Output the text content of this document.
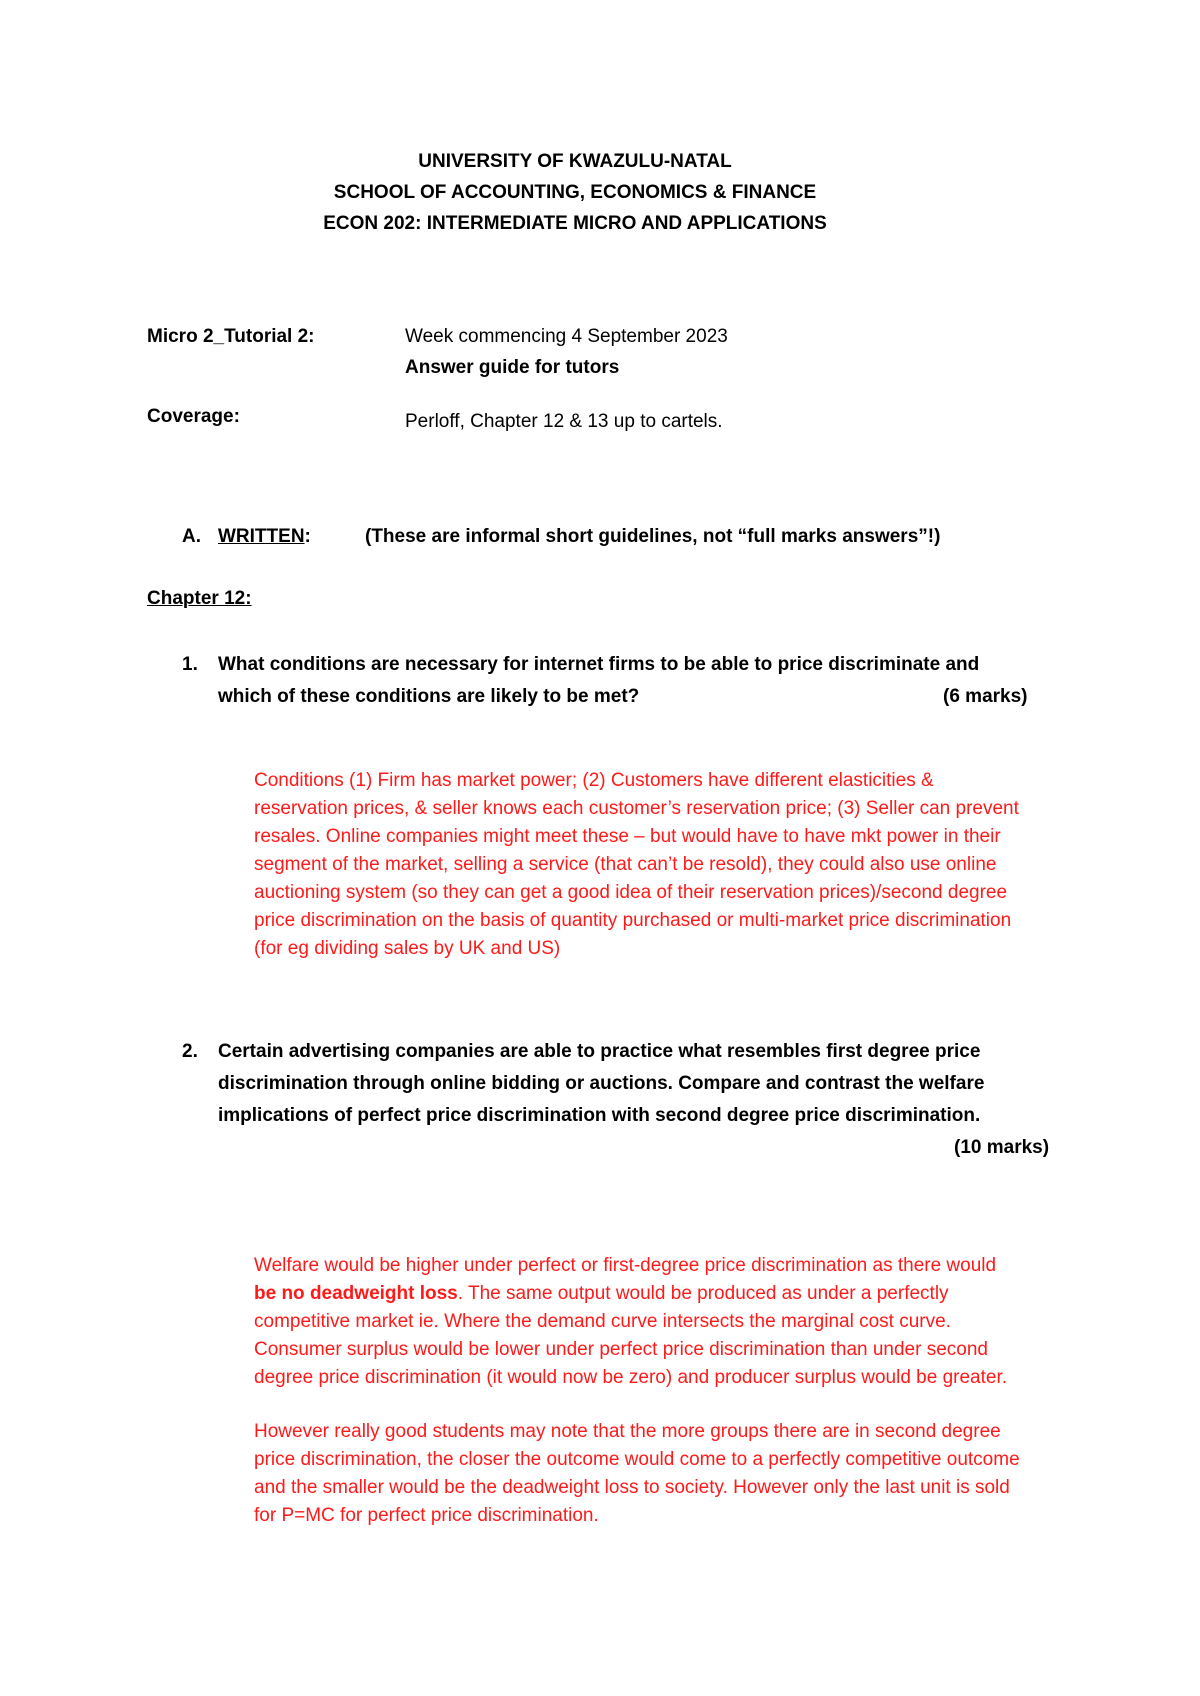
UNIVERSITY OF KWAZULU-NATAL
SCHOOL OF ACCOUNTING, ECONOMICS & FINANCE
ECON 202: INTERMEDIATE MICRO AND APPLICATIONS
Micro 2_Tutorial 2:	Week commencing 4 September 2023
Answer guide for tutors
Coverage:	Perloff, Chapter 12 & 13 up to cartels.
A. WRITTEN:	(These are informal short guidelines, not “full marks answers”!)
Chapter 12:
1.	What conditions are necessary for internet firms to be able to price discriminate and
which of these conditions are likely to be met?	(6 marks)
Conditions (1) Firm has market power; (2) Customers have different elasticities &
reservation prices, & seller knows each customer’s reservation price; (3) Seller can prevent
resales. Online companies might meet these – but would have to have mkt power in their
segment of the market, selling a service (that can’t be resold), they could also use online
auctioning system (so they can get a good idea of their reservation prices)/second degree
price discrimination on the basis of quantity purchased or multi-market price discrimination
(for eg dividing sales by UK and US)
2.	Certain advertising companies are able to practice what resembles first degree price
discrimination through online bidding or auctions. Compare and contrast the welfare
implications of perfect price discrimination with second degree price discrimination.
(10 marks)
Welfare would be higher under perfect or first-degree price discrimination as there would
be no deadweight loss. The same output would be produced as under a perfectly
competitive market ie. Where the demand curve intersects the marginal cost curve.
Consumer surplus would be lower under perfect price discrimination than under second
degree price discrimination (it would now be zero) and producer surplus would be greater.
However really good students may note that the more groups there are in second degree
price discrimination, the closer the outcome would come to a perfectly competitive outcome
and the smaller would be the deadweight loss to society. However only the last unit is sold
for P=MC for perfect price discrimination.
